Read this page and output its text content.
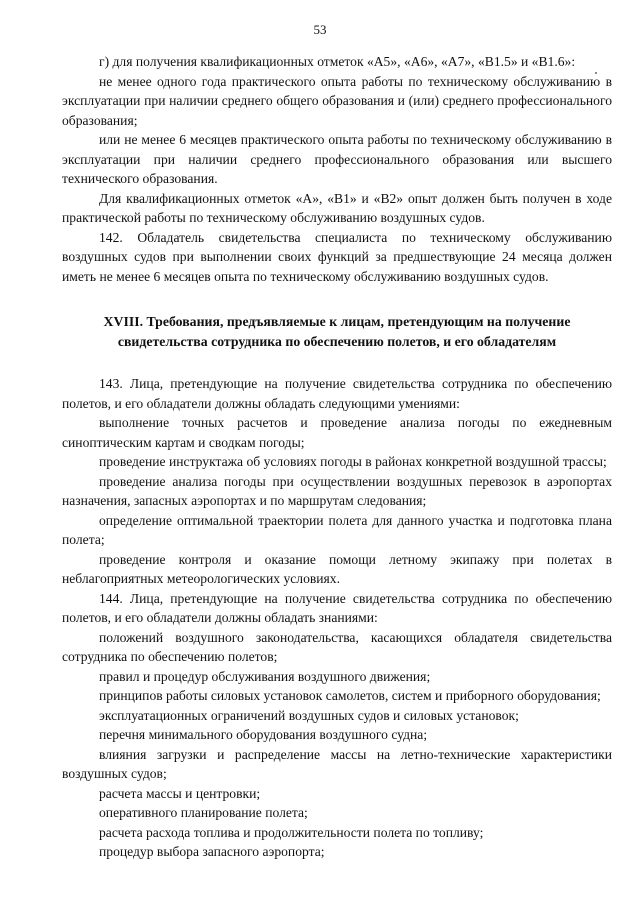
53

г) для получения квалификационных отметок «А5», «А6», «А7», «В1.5» и «В1.6»:

не менее одного года практического опыта работы по техническому обслуживанию в эксплуатации при наличии среднего общего образования и (или) среднего профессионального образования;

или не менее 6 месяцев практического опыта работы по техническому обслуживанию в эксплуатации при наличии среднего профессионального образования или высшего технического образования.

Для квалификационных отметок «А», «В1» и «В2» опыт должен быть получен в ходе практической работы по техническому обслуживанию воздушных судов.

142. Обладатель свидетельства специалиста по техническому обслуживанию воздушных судов при выполнении своих функций за предшествующие 24 месяца должен иметь не менее 6 месяцев опыта по техническому обслуживанию воздушных судов.

XVIII. Требования, предъявляемые к лицам, претендующим на получение свидетельства сотрудника по обеспечению полетов, и его обладателям

143. Лица, претендующие на получение свидетельства сотрудника по обеспечению полетов, и его обладатели должны обладать следующими умениями:

выполнение точных расчетов и проведение анализа погоды по ежедневным синоптическим картам и сводкам погоды;

проведение инструктажа об условиях погоды в районах конкретной воздушной трассы;

проведение анализа погоды при осуществлении воздушных перевозок в аэропортах назначения, запасных аэропортах и по маршрутам следования;

определение оптимальной траектории полета для данного участка и подготовка плана полета;

проведение контроля и оказание помощи летному экипажу при полетах в неблагоприятных метеорологических условиях.

144. Лица, претендующие на получение свидетельства сотрудника по обеспечению полетов, и его обладатели должны обладать знаниями:

положений воздушного законодательства, касающихся обладателя свидетельства сотрудника по обеспечению полетов;

правил и процедур обслуживания воздушного движения;

принципов работы силовых установок самолетов, систем и приборного оборудования;

эксплуатационных ограничений воздушных судов и силовых установок;

перечня минимального оборудования воздушного судна;

влияния загрузки и распределение массы на летно-технические характеристики воздушных судов;

расчета массы и центровки;

оперативного планирование полета;

расчета расхода топлива и продолжительности полета по топливу;

процедур выбора запасного аэропорта;
